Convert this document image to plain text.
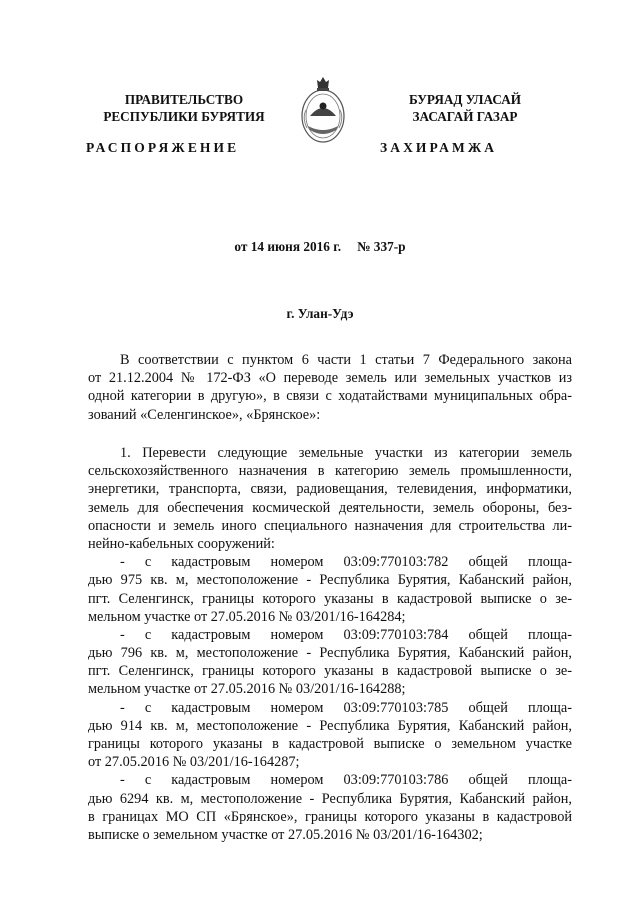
ПРАВИТЕЛЬСТВО
РЕСПУБЛИКИ БУРЯТИЯ
БУРЯАД УЛАСАЙ
ЗАСАГАЙ ГАЗАР
РАСПОРЯЖЕНИЕ	ЗАХИРАМЖА
от 14 июня 2016 г. № 337-р
г. Улан-Удэ
В соответствии с пунктом 6 части 1 статьи 7 Федерального закона
от 21.12.2004 № 172-ФЗ «О переводе земель или земельных участков из
одной категории в другую», в связи с ходатайствами муниципальных обра-
зований «Селенгинское», «Брянское»:
1. Перевести следующие земельные участки из категории земель
сельскохозяйственного назначения в категорию земель промышленности,
энергетики, транспорта, связи, радиовещания, телевидения, информатики,
земель для обеспечения космической деятельности, земель обороны, без-
опасности и земель иного специального назначения для строительства ли-
нейно-кабельных сооружений:
- с кадастровым номером 03:09:770103:782 общей площа-
дью 975 кв. м, местоположение - Республика Бурятия, Кабанский район,
пгт. Селенгинск, границы которого указаны в кадастровой выписке о зе-
мельном участке от 27.05.2016 № 03/201/16-164284;
- с кадастровым номером 03:09:770103:784 общей площа-
дью 796 кв. м, местоположение - Республика Бурятия, Кабанский район,
пгт. Селенгинск, границы которого указаны в кадастровой выписке о зе-
мельном участке от 27.05.2016 № 03/201/16-164288;
- с кадастровым номером 03:09:770103:785 общей площа-
дью 914 кв. м, местоположение - Республика Бурятия, Кабанский район,
границы которого указаны в кадастровой выписке о земельном участке
от 27.05.2016 № 03/201/16-164287;
- с кадастровым номером 03:09:770103:786 общей площа-
дью 6294 кв. м, местоположение - Республика Бурятия, Кабанский район,
в границах МО СП «Брянское», границы которого указаны в кадастровой
выписке о земельном участке от 27.05.2016 № 03/201/16-164302;
